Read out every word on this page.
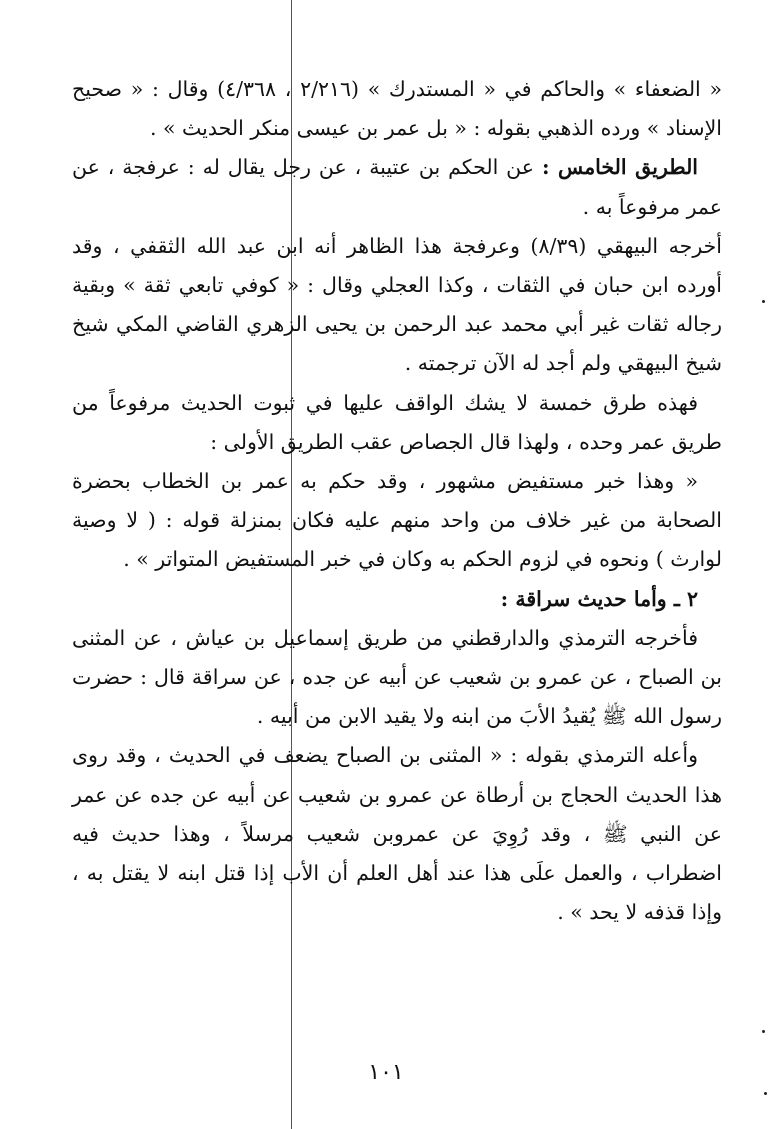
« الضعفاء » والحاكم في « المستدرك » (٢/٢١٦ ، ٤/٣٦٨) وقال : « صحيح الإسناد » ورده الذهبي بقوله : « بل عمر بن عيسى منكر الحديث » .

الطريق الخامس : عن الحكم بن عتيبة ، عن رجل يقال له : عرفجة ، عن عمر مرفوعاً به .

أخرجه البيهقي (٨/٣٩) وعرفجة هذا الظاهر أنه ابن عبد الله الثقفي ، وقد أورده ابن حبان في الثقات ، وكذا العجلي وقال : « كوفي تابعي ثقة » وبقية رجاله ثقات غير أبي محمد عبد الرحمن بن يحيى الزهري القاضي المكي شيخ شيخ البيهقي ولم أجد له الآن ترجمته .

فهذه طرق خمسة لا يشك الواقف عليها في ثبوت الحديث مرفوعاً من طريق عمر وحده ، ولهذا قال الجصاص عقب الطريق الأولى :

« وهذا خبر مستفيض مشهور ، وقد حكم به عمر بن الخطاب بحضرة الصحابة من غير خلاف من واحد منهم عليه فكان بمنزلة قوله : ( لا وصية لوارث ) ونحوه في لزوم الحكم به وكان في خبر المستفيض المتواتر » .

٢ ـ وأما حديث سراقة :

فأخرجه الترمذي والدارقطني من طريق إسماعيل بن عياش ، عن المثنى بن الصباح ، عن عمرو بن شعيب عن أبيه عن جده ، عن سراقة قال : حضرت رسول الله ﷺ يُقيدُ الأبَ من ابنه ولا يقيد الابن من أبيه .

وأعله الترمذي بقوله : « المثنى بن الصباح يضعف في الحديث ، وقد روى هذا الحديث الحجاج بن أرطاة عن عمرو بن شعيب عن أبيه عن جده عن عمر عن النبي ﷺ ، وقد رُوِيَ عن عمروبن شعيب مرسلاً ، وهذا حديث فيه اضطراب ، والعمل علَى هذا عند أهل العلم أن الأب إذا قتل ابنه لا يقتل به ، وإذا قذفه لا يحد » .

١٠١
